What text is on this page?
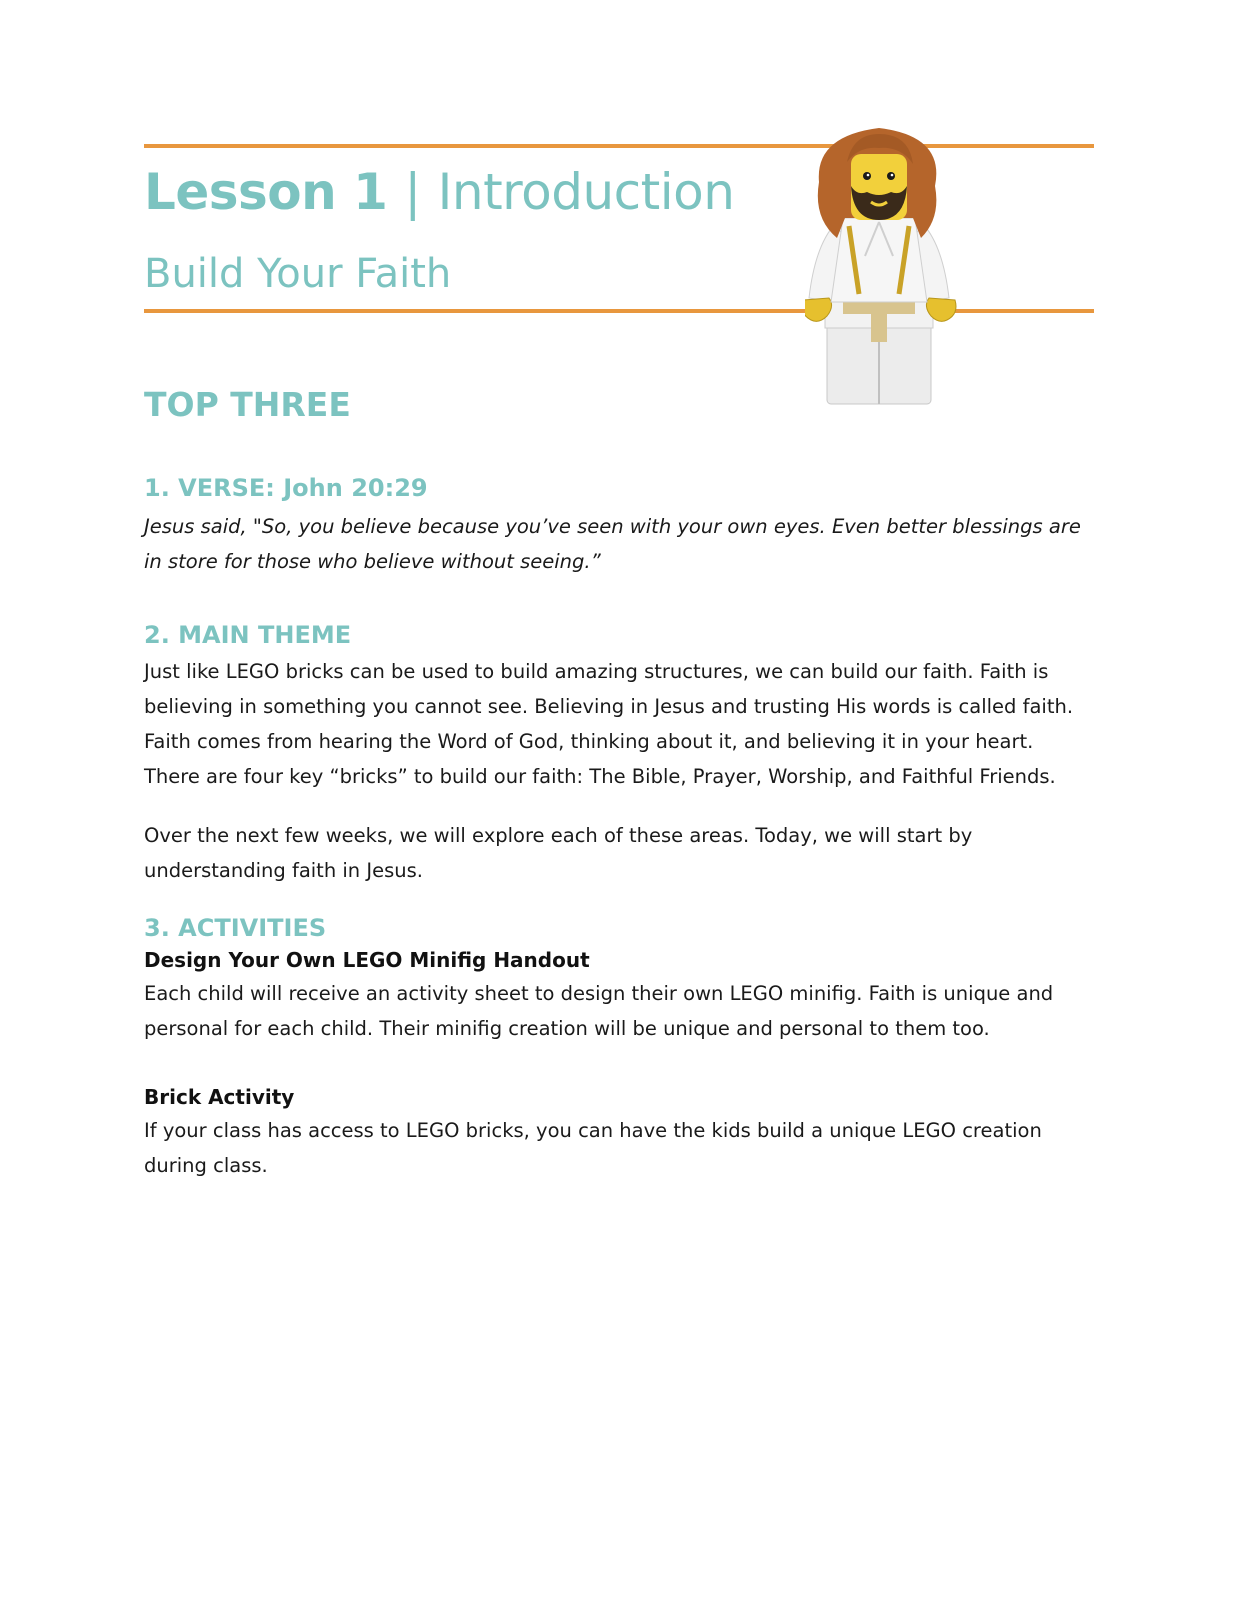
Lesson 1 | Introduction
Build Your Faith
TOP THREE
1. VERSE: John 20:29

Jesus said, "So, you believe because you’ve seen with your own eyes. Even better blessings are in store for those who believe without seeing.”

2. MAIN THEME

Just like LEGO bricks can be used to build amazing structures, we can build our faith. Faith is believing in something you cannot see. Believing in Jesus and trusting His words is called faith. Faith comes from hearing the Word of God, thinking about it, and believing it in your heart. There are four key “bricks” to build our faith: The Bible, Prayer, Worship, and Faithful Friends.

Over the next few weeks, we will explore each of these areas. Today, we will start by understanding faith in Jesus.

3. ACTIVITIES
Design Your Own LEGO Minifig Handout

Each child will receive an activity sheet to design their own LEGO minifig. Faith is unique and personal for each child. Their minifig creation will be unique and personal to them too.

Brick Activity

If your class has access to LEGO bricks, you can have the kids build a unique LEGO creation during class.
